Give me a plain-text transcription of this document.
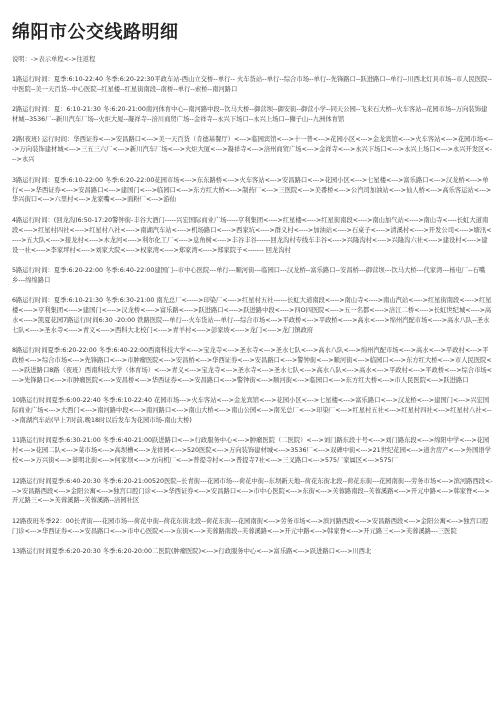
绵阳市公交线路明细

说明：->表示单程<->往返程

1路运行时间：夏季:6:10-22:40 冬季:6:20-22:30平政车站-西山立交桥--单行-- 火车货站--单行--综合市场--单行--先锋路口--跃进路口--单行--川西北灯具市场--市人民医院--中医院--美一天百货--中心医院--红星楼--红星街南段--南桥--单行--索桥--南河路口

2路运行时间：夏：6:10-21:30 冬:6:20-21:00南河体育中心--南河路中段--饮马大桥--御营坝--御安街--御营小学--同天公园--飞来石大桥--火车客站--花园市场--万向装饰建材城--3536厂--新川汽车厂场--火炬大厦--凝祥寺--涪川商贸广场--金祥寺--永兴下场口--永兴上场口--狮子山--九洲体育馆

2路(夜班) 运行时间：华西证券<--->安昌路口<--->美一天百货（肯德基餐厅）<--->临园宾馆<--->十一普<--->花园小区<--->金龙宾馆<--->火车客站<--->花园市场<--->万向装饰建材城<--->三五三六厂<--->新川汽车厂场<--->火炬大厦<--->凝祥寺<--->涪州商贸广场<--->金祥寺<--->永兴下场口<--->永兴上场口<--->永兴开发区<--->永兴

3路运行时间：夏季:6:10-22:00 冬季:6:20-22:00花园市场<--->东东路桥<--->火车客站<--->安昌路口<--->花园小区<--->七星楼<--->富乐路口<--->汉龙桥<--->单行<--->华西证券<--->安昌路口<--->建国门<--->临园口<--->东方红大桥<--->制药厂<--->三医院<--->美番桥<--->公汽司加油站<--->仙人桥<--->高乐客运站<--->华兴街口<--->六里村<--->龙家嘴<--->面粉厂<--->游仙

4路运行时间：(回龙沟)6:50-17:20警钟街-丰谷大酒门-----兴宏国际商业广场-----亨利集团<---->红星楼<---->红星街南段<---->南山加气站<---->南山寺<----长虹大道南段<---->红星村四社<---->红星村八社<---->南湖汽车站<---->机场路口<---->西家坑<---->群义村<---->加油站<---->石桌子<---->清溪村<---->开发公司<---->塘汛<---->五大队<---->接龙村<---->木龙河<---->利尔化工厂<---->息角树<---->丰谷丰谷------回龙沟村专线车丰谷<---->兴隆沟村<---->兴隆沟六社<---->建设村<---->建设一社<---->李家坪村<---->刘家大院<---->权家湾<---->郑家湾<---->郑家院子<------- 回龙沟村

5路运行时间：夏季:6:20-22:00 冬季:6:40-22:00建国门--市中心医院---单行---顺河街---临园口---汉龙桥--富乐路口--安昌桥---御营坝---饮马大桥---代家湾---杨电厂--石嘴乡---绵绵路口

6路运行时间：夏季:6:10-21:30 冬季:6:30-21:00 南光总厂<----->印染厂<---->红星村五社------长虹大道南段<---->南山寺<---->南山汽站<---->红星街南段<---->红星楼<---->亨利集团<---->建国门<---->汉龙桥<---->富乐路<---->跃进路口<---->跃进路中段<---->四O四医院<---->五一名都<---->涪江二桥<---->长虹世纪城<---->高水<---->凯夏花园7路运行时间6:30 -20:00 铁路医院---单行---火车货站---单行---综合市场<--->平政桥<--->平政桥<---->高水<---->绵州汽配市场<---->高水八队--圣水七队<---->圣水寺<---->青义<---->西科大北校门<---->青羊村<---->彭家坡<---->龙门<---->龙门镇政府

8路运行时间夏季:6:20-22:00 冬季:6:40-22:00西南科技大学<--->宝龙寺<--->圣水寺<--->圣水七队<--->高水八队<--->绵州汽配市场<--->高水<--->平政村<--->平政桥<--->综合市场<--->先锋路口<--->市肿瘤医院<--->安昌桥<--->华西证券<--->安昌路口<--->警钟街<--->顺河街<--->临园口<--->东方红大桥<--->市人民医院<--->跃进路口8路（夜班）西南科技大学（体育场）<--->青义<--->宝龙寺<--->圣水寺<--->圣水七队<--->高水八队<--->高水<--->平政村<--->平政桥<--->综合市场<--->先锋路口<--->市肿瘤医院<--->安昌桥<--->华西证券<--->安昌路口<--->警钟街<--->顺河街<--->临园口<--->东方红大桥<--->市人民医院<--->跃进路口

10路运行时间夏季:6:00-22:40 冬季:6:10-22:40 花园市场--->火车客站<--->金龙宾馆<--->花园小区<--->七星楼<--->富乐路口<--->汉龙桥<--->建国门<--->兴宏国际商业广场<--->大西门<--->南河路中段<--->南河路口<--->南山大桥<--->南山公园<--->南光总厂<--->印染厂<--->红星村五社<--->红星村四社<--->红星村八社<--->南湖汽车站(早上7时前,晚18时以后发车为花园市场-南山大桥)

11路运行时间夏季:6:30-21:00 冬季:6:40-21:00跃进路口<--->行政服务中心<--->肿瘤医院（二医院）<--->刘门路东段十号<--->刘门路东段<--->绵阳中学<--->花园村<--->花园二队<--->菜市场<--->高坝槽<--->龙祥园<--->520医院<--->万向装饰建材城<--->3536厂<--->双碑中街<--->21世纪花园<--->道舍房产<--->外国语学校<--->万兴街<--->蔷明北街<--->何家坝<--->方向机厂<--->普提寺村<--->普提寺7社<--->三叉路口<--->575厂家属区<--->575厂

12路运行时间夏季:6:40-20:30 冬季:6:20-21:00520医院--长青街---花园市场---荷花中街--东坝新天地--荷花东街北段--荷花东街---花园南街---劳务市场<--->滨河路西段<--->安昌路西段<--->金阳公寓<--->独宫口腔门诊<--->华西证券<--->安昌路口<--->市中心医院<--->东街<--->芙蓉路南段--芙蓉溪路<--->开元中路<--->韩家脊<--->开元路三<--->芙蓉溪路--芙蓉溪路--涪园社区

12路夜班冬季22：00长青街----花园市场---荷花中街--荷花东街北段--荷花东街---花园南街<--->劳务市场<--->滨河路西段<--->安昌路西段<--->金阳公寓<--->独宫口腔门诊<--->华西证券<--->安昌路口<--->市中心医院<--->东街<--->芙蓉路南段--芙蓉溪路<--->开元中路<--->韩家脊<--->开元路三<--->芙蓉溪路---三医院

13路运行时间夏季:6:20-20:30 冬季:6:20-20:00二医院(肿瘤医院)<--->行政服务中心<--->富乐路<--->跃进路口<--->川西北
